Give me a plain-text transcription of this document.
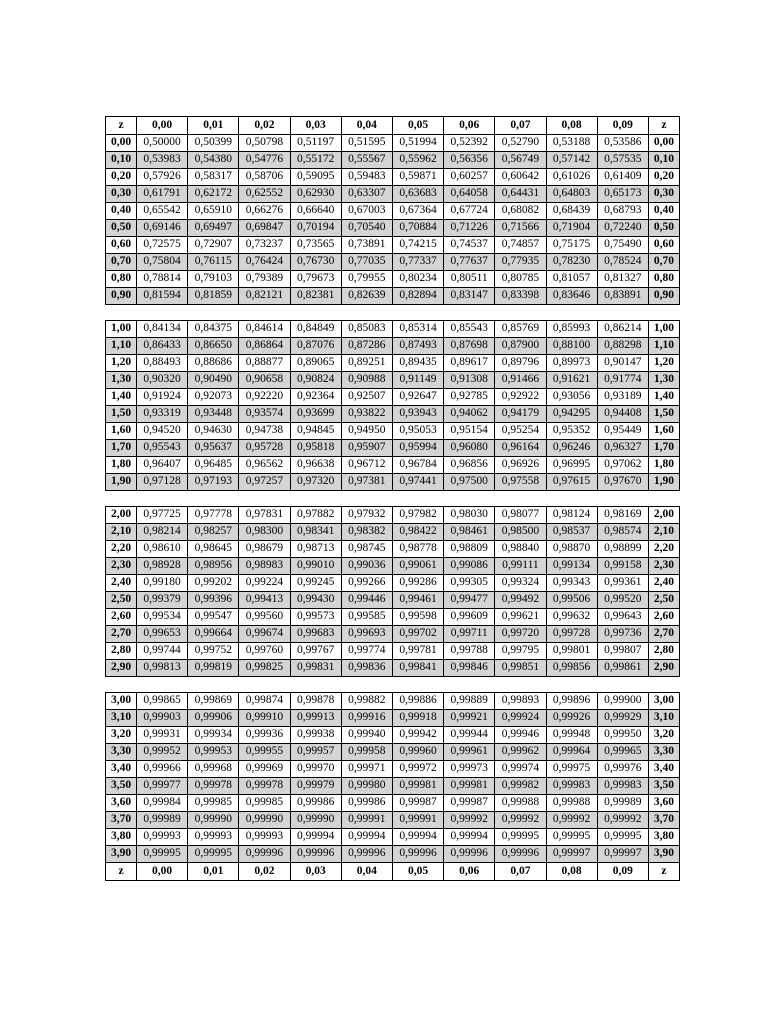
z	0,00	0,01	0,02	0,03	0,04	0,05	0,06	0,07	0,08	0,09	z
0,00	0,50000	0,50399	0,50798	0,51197	0,51595	0,51994	0,52392	0,52790	0,53188	0,53586	0,00
0,10	0,53983	0,54380	0,54776	0,55172	0,55567	0,55962	0,56356	0,56749	0,57142	0,57535	0,10
0,20	0,57926	0,58317	0,58706	0,59095	0,59483	0,59871	0,60257	0,60642	0,61026	0,61409	0,20
0,30	0,61791	0,62172	0,62552	0,62930	0,63307	0,63683	0,64058	0,64431	0,64803	0,65173	0,30
0,40	0,65542	0,65910	0,66276	0,66640	0,67003	0,67364	0,67724	0,68082	0,68439	0,68793	0,40
0,50	0,69146	0,69497	0,69847	0,70194	0,70540	0,70884	0,71226	0,71566	0,71904	0,72240	0,50
0,60	0,72575	0,72907	0,73237	0,73565	0,73891	0,74215	0,74537	0,74857	0,75175	0,75490	0,60
0,70	0,75804	0,76115	0,76424	0,76730	0,77035	0,77337	0,77637	0,77935	0,78230	0,78524	0,70
0,80	0,78814	0,79103	0,79389	0,79673	0,79955	0,80234	0,80511	0,80785	0,81057	0,81327	0,80
0,90	0,81594	0,81859	0,82121	0,82381	0,82639	0,82894	0,83147	0,83398	0,83646	0,83891	0,90
1,00	0,84134	0,84375	0,84614	0,84849	0,85083	0,85314	0,85543	0,85769	0,85993	0,86214	1,00
1,10	0,86433	0,86650	0,86864	0,87076	0,87286	0,87493	0,87698	0,87900	0,88100	0,88298	1,10
1,20	0,88493	0,88686	0,88877	0,89065	0,89251	0,89435	0,89617	0,89796	0,89973	0,90147	1,20
1,30	0,90320	0,90490	0,90658	0,90824	0,90988	0,91149	0,91308	0,91466	0,91621	0,91774	1,30
1,40	0,91924	0,92073	0,92220	0,92364	0,92507	0,92647	0,92785	0,92922	0,93056	0,93189	1,40
1,50	0,93319	0,93448	0,93574	0,93699	0,93822	0,93943	0,94062	0,94179	0,94295	0,94408	1,50
1,60	0,94520	0,94630	0,94738	0,94845	0,94950	0,95053	0,95154	0,95254	0,95352	0,95449	1,60
1,70	0,95543	0,95637	0,95728	0,95818	0,95907	0,95994	0,96080	0,96164	0,96246	0,96327	1,70
1,80	0,96407	0,96485	0,96562	0,96638	0,96712	0,96784	0,96856	0,96926	0,96995	0,97062	1,80
1,90	0,97128	0,97193	0,97257	0,97320	0,97381	0,97441	0,97500	0,97558	0,97615	0,97670	1,90
2,00	0,97725	0,97778	0,97831	0,97882	0,97932	0,97982	0,98030	0,98077	0,98124	0,98169	2,00
2,10	0,98214	0,98257	0,98300	0,98341	0,98382	0,98422	0,98461	0,98500	0,98537	0,98574	2,10
2,20	0,98610	0,98645	0,98679	0,98713	0,98745	0,98778	0,98809	0,98840	0,98870	0,98899	2,20
2,30	0,98928	0,98956	0,98983	0,99010	0,99036	0,99061	0,99086	0,99111	0,99134	0,99158	2,30
2,40	0,99180	0,99202	0,99224	0,99245	0,99266	0,99286	0,99305	0,99324	0,99343	0,99361	2,40
2,50	0,99379	0,99396	0,99413	0,99430	0,99446	0,99461	0,99477	0,99492	0,99506	0,99520	2,50
2,60	0,99534	0,99547	0,99560	0,99573	0,99585	0,99598	0,99609	0,99621	0,99632	0,99643	2,60
2,70	0,99653	0,99664	0,99674	0,99683	0,99693	0,99702	0,99711	0,99720	0,99728	0,99736	2,70
2,80	0,99744	0,99752	0,99760	0,99767	0,99774	0,99781	0,99788	0,99795	0,99801	0,99807	2,80
2,90	0,99813	0,99819	0,99825	0,99831	0,99836	0,99841	0,99846	0,99851	0,99856	0,99861	2,90
3,00	0,99865	0,99869	0,99874	0,99878	0,99882	0,99886	0,99889	0,99893	0,99896	0,99900	3,00
3,10	0,99903	0,99906	0,99910	0,99913	0,99916	0,99918	0,99921	0,99924	0,99926	0,99929	3,10
3,20	0,99931	0,99934	0,99936	0,99938	0,99940	0,99942	0,99944	0,99946	0,99948	0,99950	3,20
3,30	0,99952	0,99953	0,99955	0,99957	0,99958	0,99960	0,99961	0,99962	0,99964	0,99965	3,30
3,40	0,99966	0,99968	0,99969	0,99970	0,99971	0,99972	0,99973	0,99974	0,99975	0,99976	3,40
3,50	0,99977	0,99978	0,99978	0,99979	0,99980	0,99981	0,99981	0,99982	0,99983	0,99983	3,50
3,60	0,99984	0,99985	0,99985	0,99986	0,99986	0,99987	0,99987	0,99988	0,99988	0,99989	3,60
3,70	0,99989	0,99990	0,99990	0,99990	0,99991	0,99991	0,99992	0,99992	0,99992	0,99992	3,70
3,80	0,99993	0,99993	0,99993	0,99994	0,99994	0,99994	0,99994	0,99995	0,99995	0,99995	3,80
3,90	0,99995	0,99995	0,99996	0,99996	0,99996	0,99996	0,99996	0,99996	0,99997	0,99997	3,90
z	0,00	0,01	0,02	0,03	0,04	0,05	0,06	0,07	0,08	0,09	z
